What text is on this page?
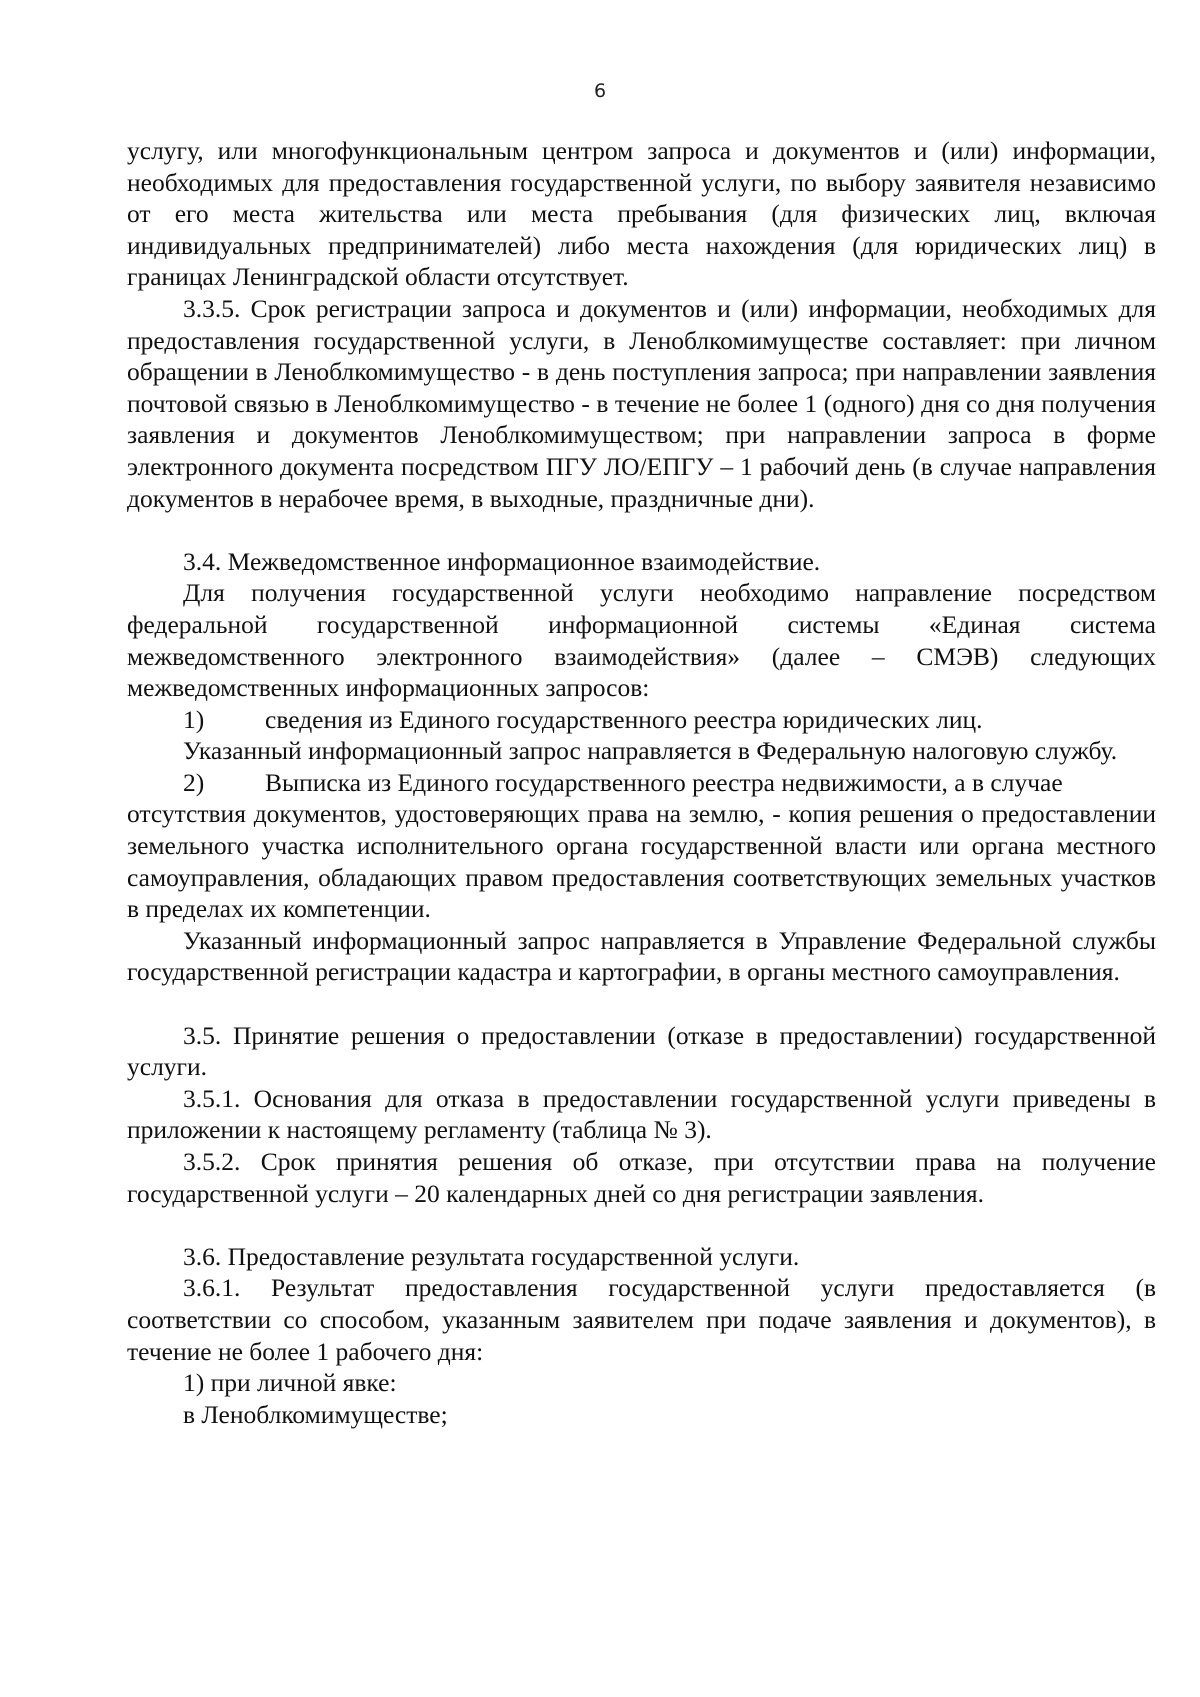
6

услугу, или многофункциональным центром запроса и документов и (или) информации, необходимых для предоставления государственной услуги, по выбору заявителя независимо от его места жительства или места пребывания (для физических лиц, включая индивидуальных предпринимателей) либо места нахождения (для юридических лиц) в границах Ленинградской области отсутствует.

3.3.5. Срок регистрации запроса и документов и (или) информации, необходимых для предоставления государственной услуги, в Леноблкомимуществе составляет: при личном обращении в Леноблкомимущество - в день поступления запроса; при направлении заявления почтовой связью в Леноблкомимущество - в течение не более 1 (одного) дня со дня получения заявления и документов Леноблкомимуществом; при направлении запроса в форме электронного документа посредством ПГУ ЛО/ЕПГУ – 1 рабочий день (в случае направления документов в нерабочее время, в выходные, праздничные дни).

3.4. Межведомственное информационное взаимодействие.

Для получения государственной услуги необходимо направление посредством федеральной государственной информационной системы «Единая система межведомственного электронного взаимодействия» (далее – СМЭВ) следующих межведомственных информационных запросов:

1)	сведения из Единого государственного реестра юридических лиц.

Указанный информационный запрос направляется в Федеральную налоговую службу.

2)	Выписка из Единого государственного реестра недвижимости, а в случае

отсутствия документов, удостоверяющих права на землю, - копия решения о предоставлении земельного участка исполнительного органа государственной власти или органа местного самоуправления, обладающих правом предоставления соответствующих земельных участков в пределах их компетенции.

Указанный информационный запрос направляется в Управление Федеральной службы государственной регистрации кадастра и картографии, в органы местного самоуправления.

3.5. Принятие решения о предоставлении (отказе в предоставлении) государственной услуги.

3.5.1. Основания для отказа в предоставлении государственной услуги приведены в приложении к настоящему регламенту (таблица № 3).

3.5.2. Срок принятия решения об отказе, при отсутствии права на получение государственной услуги – 20 календарных дней со дня регистрации заявления.

3.6. Предоставление результата государственной услуги.

3.6.1. Результат предоставления государственной услуги предоставляется (в соответствии со способом, указанным заявителем при подаче заявления и документов), в течение не более 1 рабочего дня:

1) при личной явке:

в Леноблкомимуществе;
